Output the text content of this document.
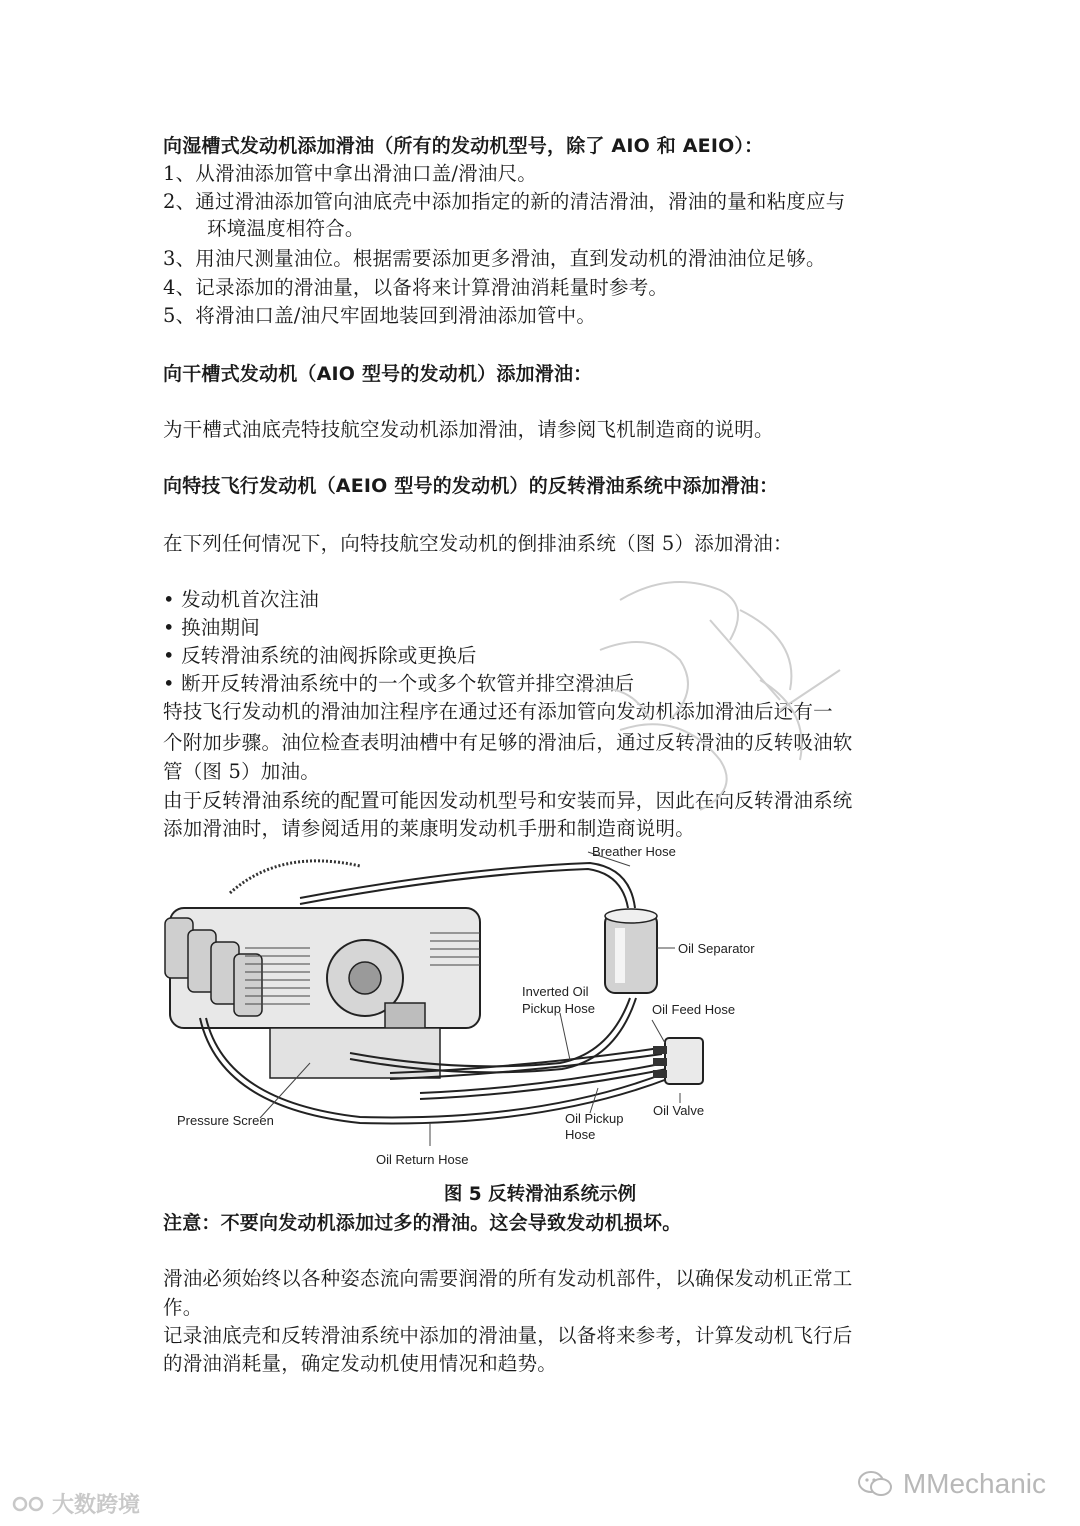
向湿槽式发动机添加滑油（所有的发动机型号，除了 AIO 和 AEIO）：
1、从滑油添加管中拿出滑油口盖/滑油尺。
2、通过滑油添加管向油底壳中添加指定的新的清洁滑油，滑油的量和粘度应与
环境温度相符合。
3、用油尺测量油位。根据需要添加更多滑油，直到发动机的滑油油位足够。
4、记录添加的滑油量，以备将来计算滑油消耗量时参考。
5、将滑油口盖/油尺牢固地装回到滑油添加管中。
向干槽式发动机（AIO 型号的发动机）添加滑油：
为干槽式油底壳特技航空发动机添加滑油，请参阅飞机制造商的说明。
向特技飞行发动机（AEIO 型号的发动机）的反转滑油系统中添加滑油：
在下列任何情况下，向特技航空发动机的倒排油系统（图 5）添加滑油：
• 发动机首次注油
• 换油期间
• 反转滑油系统的油阀拆除或更换后
• 断开反转滑油系统中的一个或多个软管并排空滑油后
特技飞行发动机的滑油加注程序在通过还有添加管向发动机添加滑油后还有一
个附加步骤。油位检查表明油槽中有足够的滑油后，通过反转滑油的反转吸油软
管（图 5）加油。
由于反转滑油系统的配置可能因发动机型号和安装而异，因此在向反转滑油系统
添加滑油时，请参阅适用的莱康明发动机手册和制造商说明。
Breather Hose
Oil Separator
Inverted Oil
Pickup Hose	Oil Feed Hose
Oil Valve
Oil Pickup
Hose
Pressure Screen
Oil Return Hose
图 5 反转滑油系统示例
注意：不要向发动机添加过多的滑油。这会导致发动机损坏。
滑油必须始终以各种姿态流向需要润滑的所有发动机部件，以确保发动机正常工
作。
记录油底壳和反转滑油系统中添加的滑油量，以备将来参考，计算发动机飞行后
的滑油消耗量，确定发动机使用情况和趋势。
大数跨境
MMechanic
